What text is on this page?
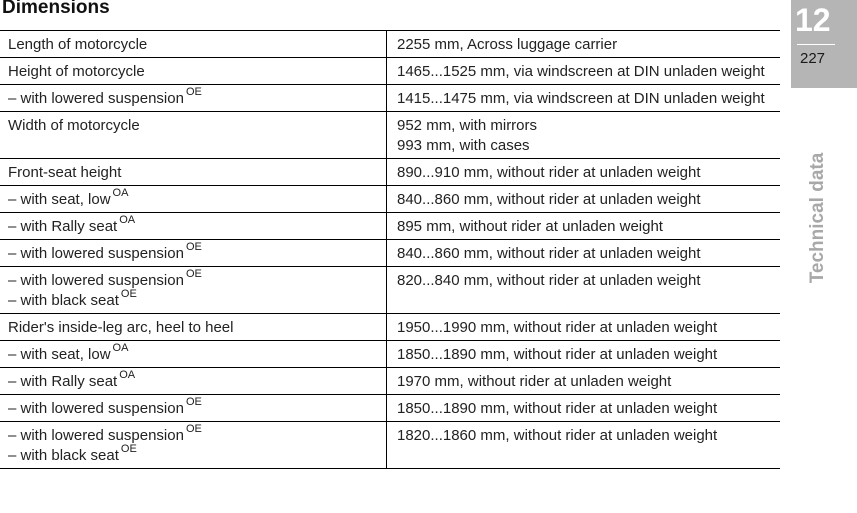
Dimensions
Length of motorcycle	2255 mm, Across luggage carrier

Height of motorcycle	1465...1525 mm, via windscreen at DIN unladen weight

– with lowered suspension $^{OE}$	1415...1475 mm, via windscreen at DIN unladen weight

Width of motorcycle	952 mm, with mirrors
993 mm, with cases

Front-seat height	890...910 mm, without rider at unladen weight

– with seat, low $^{OA}$	840...860 mm, without rider at unladen weight

– with Rally seat $^{OA}$	895 mm, without rider at unladen weight

– with lowered suspension $^{OE}$	840...860 mm, without rider at unladen weight

– with lowered suspension $^{OE}$
– with black seat $^{OE}$	820...840 mm, without rider at unladen weight

Rider's inside-leg arc, heel to heel	1950...1990 mm, without rider at unladen weight

– with seat, low $^{OA}$	1850...1890 mm, without rider at unladen weight

– with Rally seat $^{OA}$	1970 mm, without rider at unladen weight

– with lowered suspension $^{OE}$	1850...1890 mm, without rider at unladen weight

– with lowered suspension $^{OE}$
– with black seat $^{OE}$	1820...1860 mm, without rider at unladen weight
12
227
Technical data
